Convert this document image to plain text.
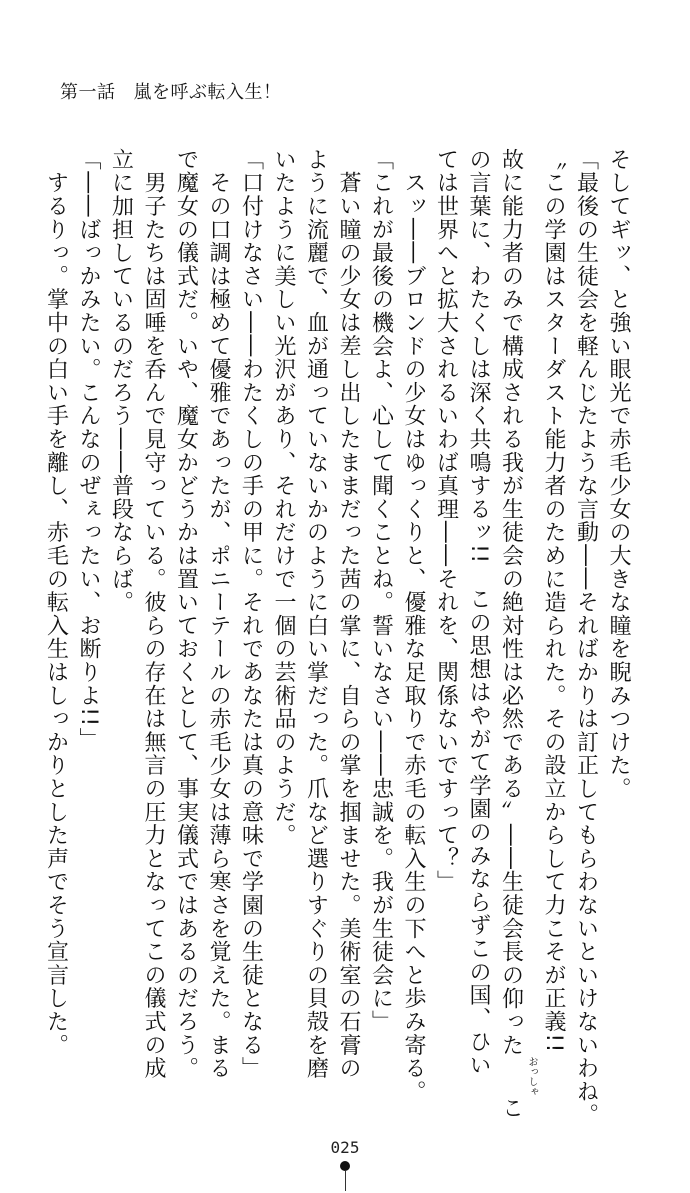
第一話 嵐を呼ぶ転入生！

そしてギッ、と強い眼光で赤毛少女の大きな瞳を睨みつけた。

「最後の生徒会を軽んじたような言動――そればかりは訂正してもらわないといけないわね。

〝この学園はスターダスト能力者のために造られた。その設立からして力こそが正義!!

故に能力者のみで構成される我が生徒会の絶対性は必然である〟――生徒会長の仰ったおっしゃこ

の言葉に、わたくしは深く共鳴するッ!!　この思想はやがて学園のみならずこの国、ひい

ては世界へと拡大されるいわば真理――それを、関係ないですって？」

　スッ――ブロンドの少女はゆっくりと、優雅な足取りで赤毛の転入生の下へと歩み寄る。

「これが最後の機会よ、心して聞くことね。誓いなさい――忠誠を。我が生徒会に」

　蒼い瞳の少女は差し出したままだった茜の掌に、自らの掌を掴ませた。美術室の石膏の

ように流麗で、血が通っていないかのように白い掌だった。爪など選りすぐりの貝殻を磨

いたように美しい光沢があり、それだけで一個の芸術品のようだ。

「口付けなさい――わたくしの手の甲に。それであなたは真の意味で学園の生徒となる」

　その口調は極めて優雅であったが、ポニーテールの赤毛少女は薄ら寒さを覚えた。まる

で魔女の儀式だ。いや、魔女かどうかは置いておくとして、事実儀式ではあるのだろう。

　男子たちは固唾を呑んで見守っている。彼らの存在は無言の圧力となってこの儀式の成

立に加担しているのだろう――普段ならば。

「――ばっかみたい。こんなのぜぇったい、お断りよ!!」

　するりっ。掌中の白い手を離し、赤毛の転入生はしっかりとした声でそう宣言した。

025
